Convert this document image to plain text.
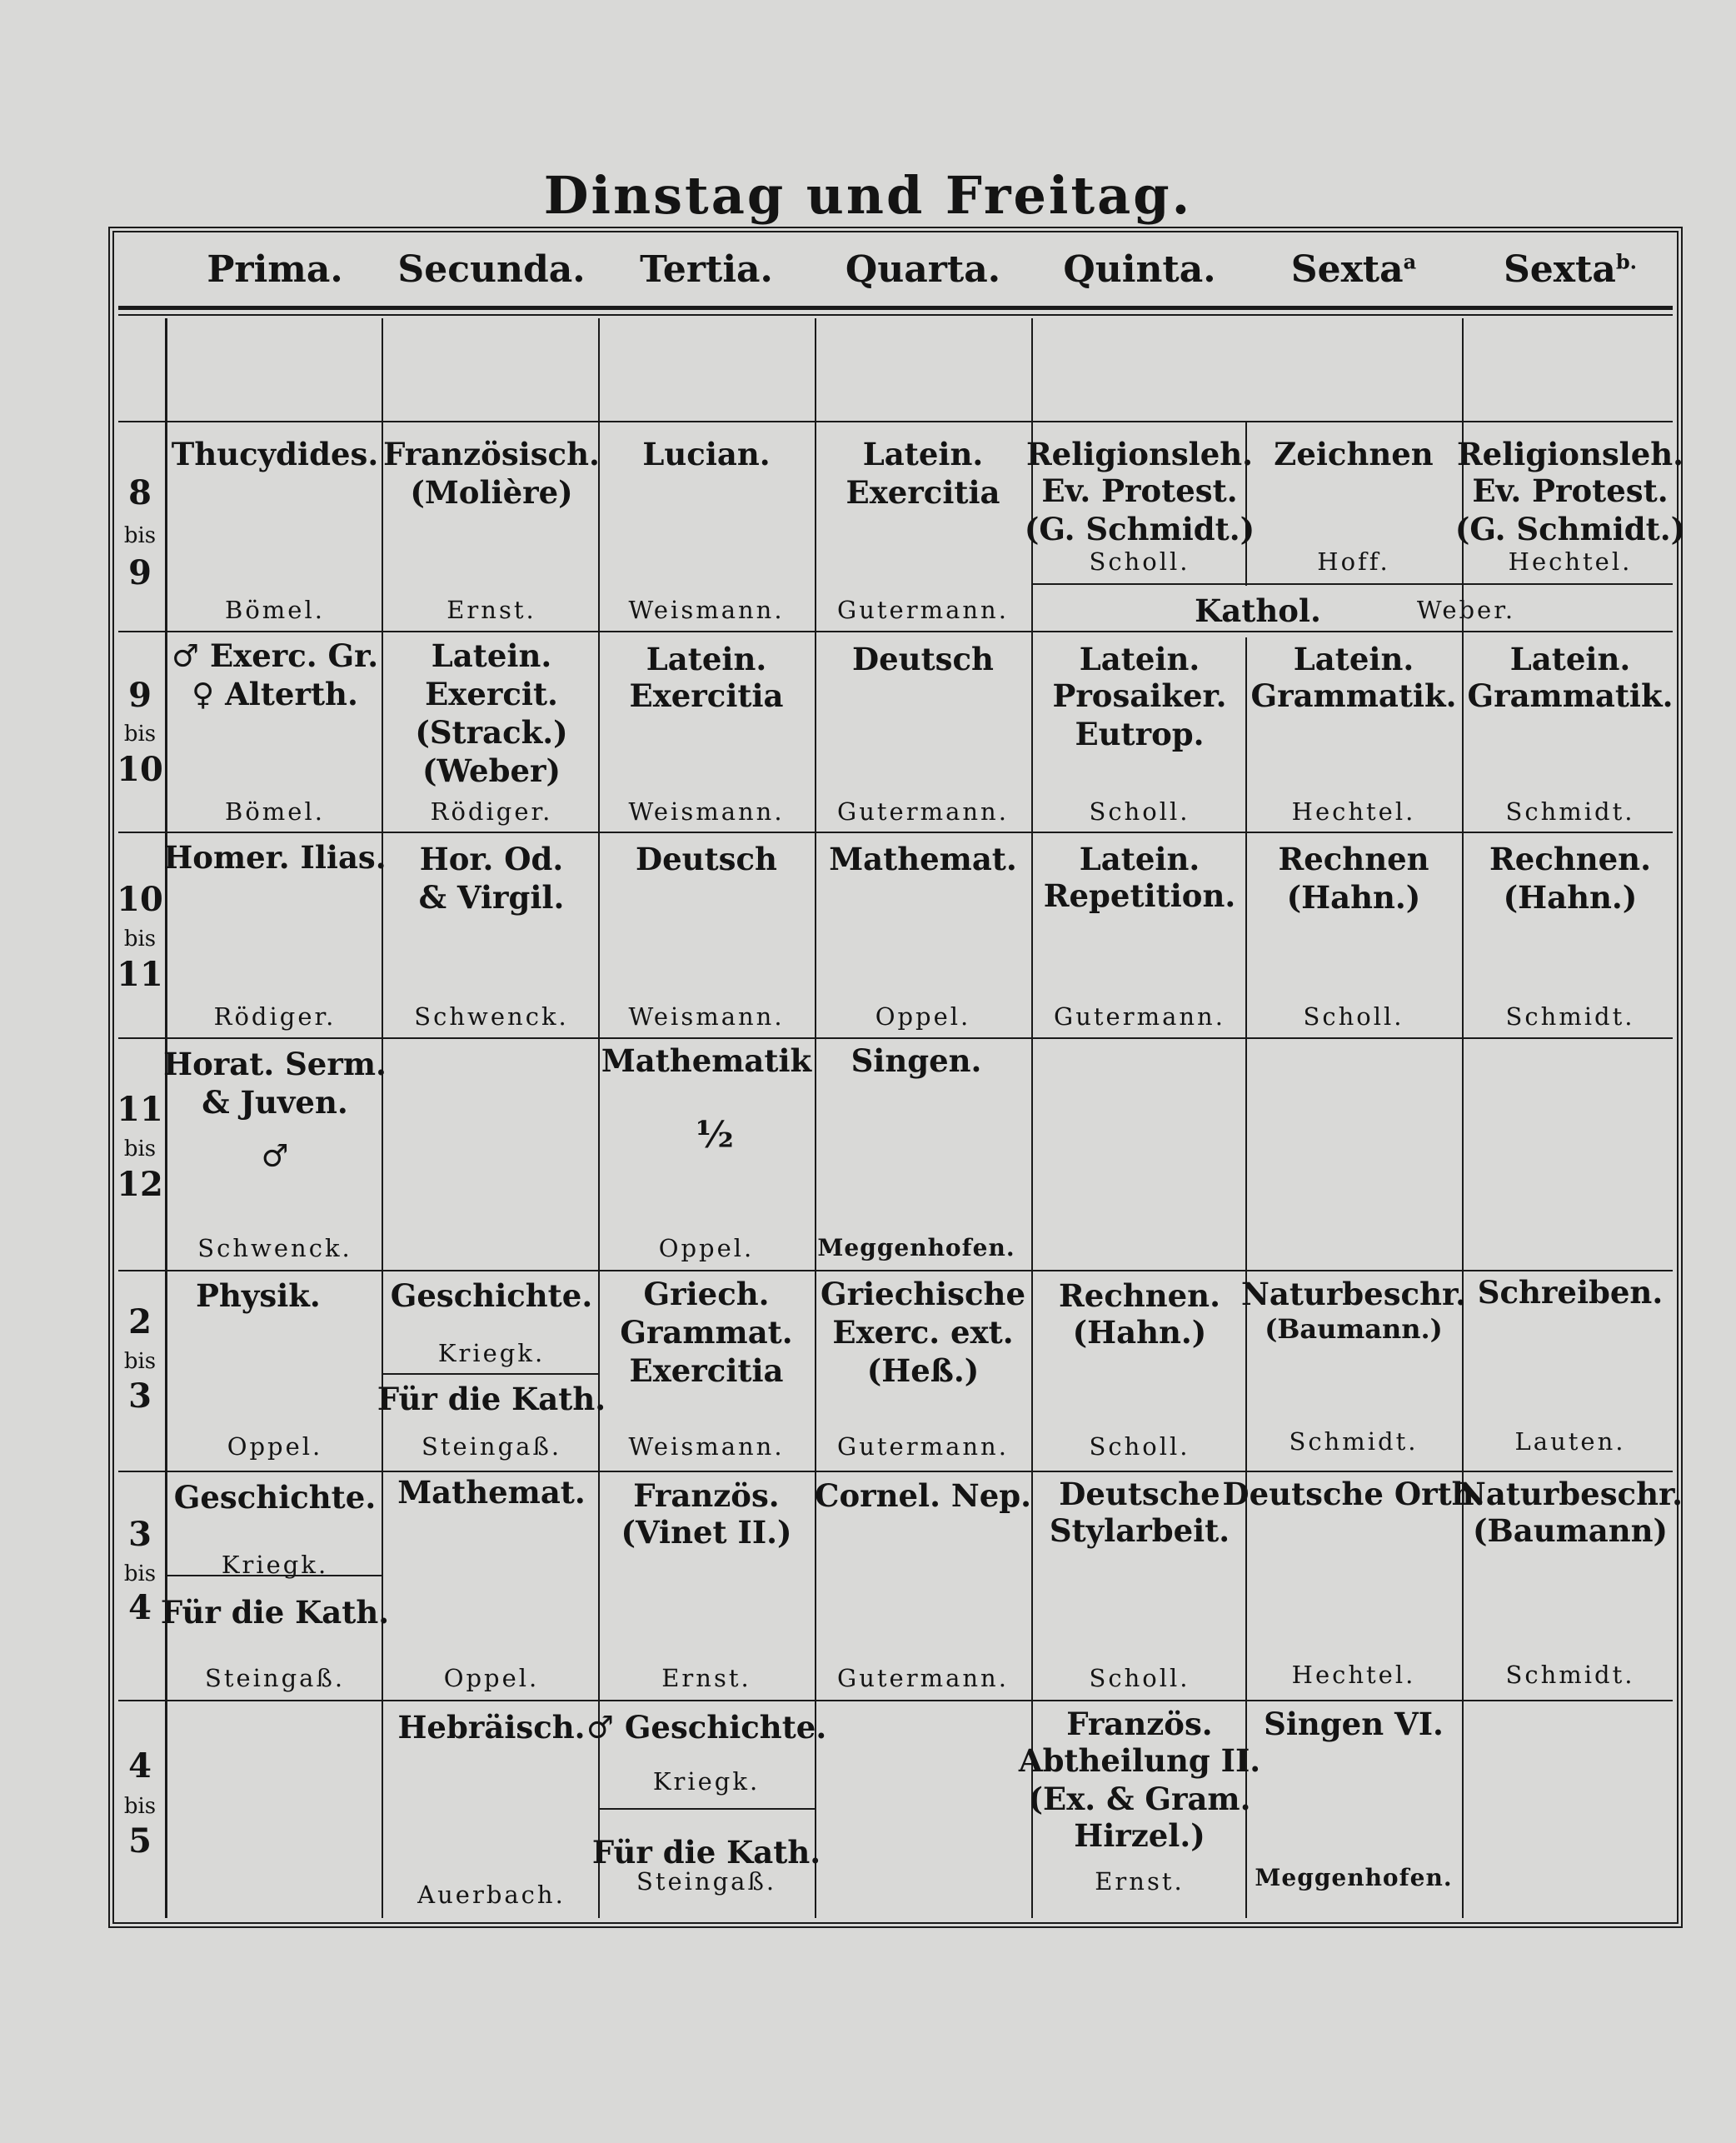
Dinstag und Freitag.
Prima. Secunda. Tertia. Quarta. Quinta. Sexta$^a$ Sexta$^{b.}$
8
bis
9
9
bis
10
10
bis
11
11
bis
12
2
bis
3
3
bis
4
4
bis
5
Thucydides.
Bömel.
Französisch.
(Molière)
Ernst.
Lucian.
Weismann.
Latein.
Exercitia
Gutermann.
Religionsleh.
Ev. Protest.
(G. Schmidt.)
Scholl.
Zeichnen
Hoff.
Religionsleh.
Ev. Protest.
(G. Schmidt.)
Hechtel.
Kathol.	Weber.
♂ Exerc. Gr.
♀ Alterth.
Bömel.
Latein.
Exercit.
(Strack.)
(Weber)
Rödiger.
Latein.
Exercitia
Weismann.
Deutsch
Gutermann.
Latein.
Prosaiker.
Eutrop.
Scholl.
Latein.
Grammatik.
Hechtel.
Latein.
Grammatik.
Schmidt.
Homer. Ilias.
Rödiger.
Hor. Od.
& Virgil.
Schwenck.
Deutsch
Weismann.
Mathemat.
Oppel.
Latein.
Repetition.
Gutermann.
Rechnen
(Hahn.)
Scholl.
Rechnen.
(Hahn.)
Schmidt.
Horat. Serm.
& Juven.
♂
Schwenck.
Mathematik
½
Oppel.
Singen.
Meggenhofen.
Physik.
Oppel.
Geschichte.
Kriegk.
Für die Kath.
Steingaß.
Griech.
Grammat.
Exercitia
Weismann.
Griechische
Exerc. ext.
(Heß.)
Gutermann.
Rechnen.
(Hahn.)
Scholl.
Naturbeschr.
(Baumann.)
Schmidt.
Schreiben.
Lauten.
Geschichte.
Kriegk.
Für die Kath.
Steingaß.
Mathemat.
Oppel.
Französ.
(Vinet II.)
Ernst.
Cornel. Nep.
Gutermann.
Deutsche
Stylarbeit.
Scholl.
Deutsche Orth.
Hechtel.
Naturbeschr.
(Baumann)
Schmidt.
Hebräisch.
Auerbach.
♂ Geschichte.
Kriegk.
Für die Kath.
Steingaß.
Französ.
Abtheilung II.
(Ex. & Gram.
Hirzel.)
Ernst.
Singen VI.
Meggenhofen.
